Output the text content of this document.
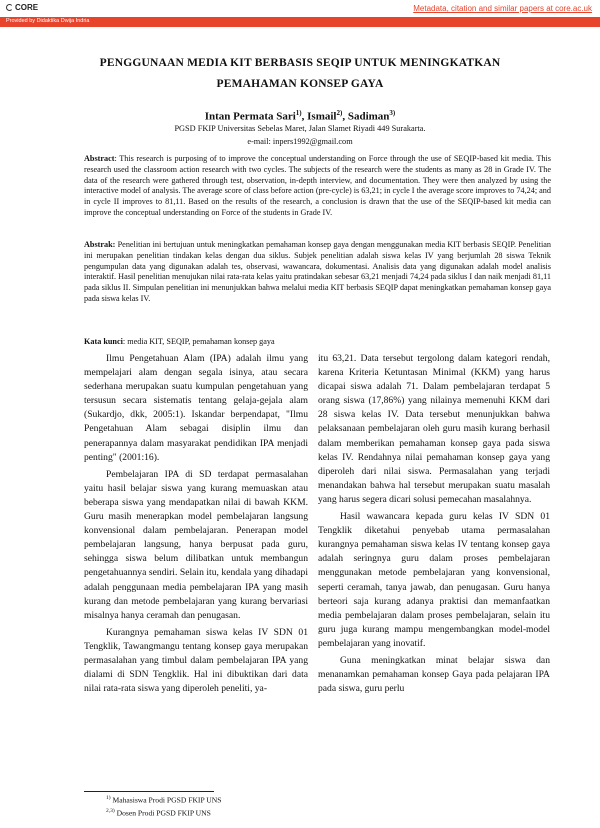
CORE	Metadata, citation and similar papers at core.ac.uk
Provided by Didaktika Dwija Indria
PENGGUNAAN MEDIA KIT BERBASIS SEQIP UNTUK MENINGKATKAN
PEMAHAMAN KONSEP GAYA
Intan Permata Sari$^{1)}$, Ismail$^{2)}$, Sadiman$^{3)}$
PGSD FKIP Universitas Sebelas Maret, Jalan Slamet Riyadi 449 Surakarta.
e-mail: inpers1992@gmail.com
Abstract: This research is purposing of to improve the conceptual understanding on Force through the use of SEQIP-based kit media. This research used the classroom action research with two cycles. The subjects of the research were the students as many as 28 in Grade IV. The data of the research were gathered through test, observation, in-depth interview, and documentation. They were then analyzed by using the interactive model of analysis. The average score of class before action (pre-cycle) is 63,21; in cycle I the average score improves to 74,24; and in cycle II improves to 81,11. Based on the results of the research, a conclusion is drawn that the use of the SEQIP-based kit media can improve the conceptual understanding on Force of the students in Grade IV.
Abstrak: Penelitian ini bertujuan untuk meningkatkan pemahaman konsep gaya dengan menggunakan media KIT berbasis SEQIP. Penelitian ini merupakan penelitian tindakan kelas dengan dua siklus. Subjek penelitian adalah siswa kelas IV yang berjumlah 28 siswa Teknik pengumpulan data yang digunakan adalah tes, observasi, wawancara, dokumentasi. Analisis data yang digunakan adalah model analisis interaktif. Hasil penelitian menujukan nilai rata-rata kelas yaitu pratindakan sebesar 63,21 menjadi 74,24 pada siklus I dan naik menjadi 81,11 pada siklus II. Simpulan penelitian ini menunjukkan bahwa melalui media KIT berbasis SEQIP dapat meningkatkan pemahaman konsep gaya pada siswa kelas IV.
Kata kunci: media KIT, SEQIP, pemahaman konsep gaya

Ilmu Pengetahuan Alam (IPA) adalah ilmu yang mempelajari alam dengan segala isinya, atau secara sederhana merupakan suatu kumpulan pengetahuan yang tersusun secara sistematis tentang gelaja-gejala alam (Sukardjo, dkk, 2005:1). Iskandar berpendapat, "Ilmu Pengetahuan Alam sebagai disiplin ilmu dan penerapannya dalam masyarakat pendidikan IPA menjadi penting" (2001:16).

Pembelajaran IPA di SD terdapat permasalahan yaitu hasil belajar siswa yang kurang memuaskan atau beberapa siswa yang mendapatkan nilai di bawah KKM. Guru masih menerapkan model pembelajaran langsung konvensional dalam pembelajaran. Penerapan model pembelajaran langsung, hanya berpusat pada guru, sehingga siswa belum dilibatkan untuk membangun pengetahuannya sendiri. Selain itu, kendala yang dihadapi adalah penggunaan media pembelajaran IPA yang masih kurang dan metode pembelajaran yang kurang bervariasi misalnya hanya ceramah dan penugasan.

Kurangnya pemahaman siswa kelas IV SDN 01 Tengklik, Tawangmangu tentang konsep gaya merupakan permasalahan yang timbul dalam pembelajaran IPA yang dialami di SDN Tengklik. Hal ini dibuktikan dari data nilai rata-rata siswa yang diperoleh peneliti, ya-

itu 63,21. Data tersebut tergolong dalam kategori rendah, karena Kriteria Ketuntasan Minimal (KKM) yang harus dicapai siswa adalah 71. Dalam pembelajaran terdapat 5 orang siswa (17,86%) yang nilainya memenuhi KKM dari 28 siswa kelas IV. Data tersebut menunjukkan bahwa pelaksanaan pembelajaran oleh guru masih kurang berhasil dalam memberikan pemahaman konsep gaya pada siswa kelas IV. Rendahnya nilai pemahaman konsep gaya yang diperoleh dari nilai siswa. Permasalahan yang terjadi menandakan bahwa hal tersebut merupakan suatu masalah yang harus segera dicari solusi pemecahan masalahnya.

Hasil wawancara kepada guru kelas IV SDN 01 Tengklik diketahui penyebab utama permasalahan kurangnya pemahaman siswa kelas IV tentang konsep gaya adalah seringnya guru dalam proses pembelajaran menggunakan metode pembelajaran yang konvensional, seperti ceramah, tanya jawab, dan penugasan. Guru hanya berteori saja kurang adanya praktisi dan memanfaatkan media pembelajaran dalam proses pembelajaran, selain itu guru juga kurang mampu mengembangkan model-model pembelajaran yang inovatif.

Guna meningkatkan minat belajar siswa dan menanamkan pemahaman konsep Gaya pada pelajaran IPA pada siswa, guru perlu

$^{1)}$ Mahasiswa Prodi PGSD FKIP UNS
$^{2,3)}$ Dosen Prodi PGSD FKIP UNS
